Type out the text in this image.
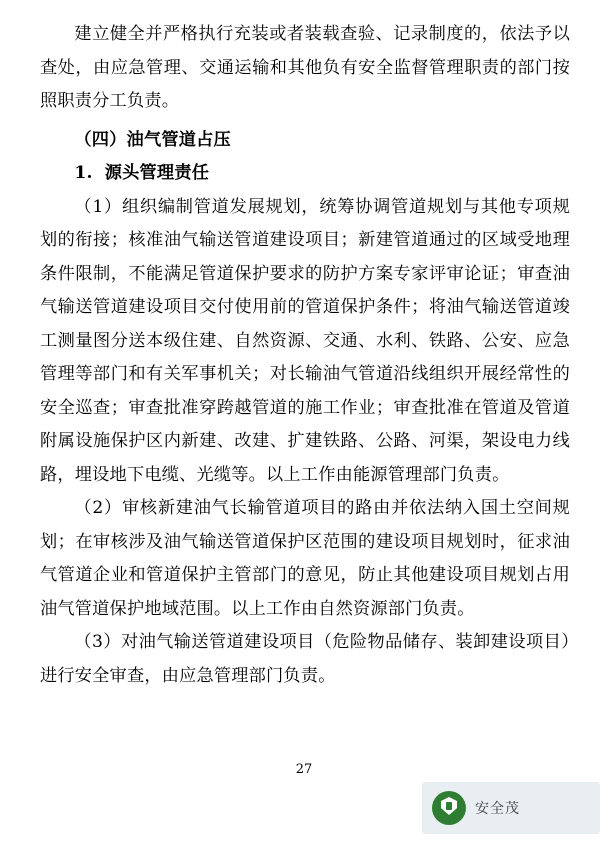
建立健全并严格执行充装或者装载查验、记录制度的，依法予以查处，由应急管理、交通运输和其他负有安全监督管理职责的部门按照职责分工负责。

（四）油气管道占压

1. 源头管理责任

（1）组织编制管道发展规划，统筹协调管道规划与其他专项规划的衔接；核准油气输送管道建设项目；新建管道通过的区域受地理条件限制，不能满足管道保护要求的防护方案专家评审论证；审查油气输送管道建设项目交付使用前的管道保护条件；将油气输送管道竣工测量图分送本级住建、自然资源、交通、水利、铁路、公安、应急管理等部门和有关军事机关；对长输油气管道沿线组织开展经常性的安全巡查；审查批准穿跨越管道的施工作业；审查批准在管道及管道附属设施保护区内新建、改建、扩建铁路、公路、河渠，架设电力线路，埋设地下电缆、光缆等。以上工作由能源管理部门负责。

（2）审核新建油气长输管道项目的路由并依法纳入国土空间规划；在审核涉及油气输送管道保护区范围的建设项目规划时，征求油气管道企业和管道保护主管部门的意见，防止其他建设项目规划占用油气管道保护地域范围。以上工作由自然资源部门负责。

（3）对油气输送管道建设项目（危险物品储存、装卸建设项目）进行安全审查，由应急管理部门负责。

27
安全茂
